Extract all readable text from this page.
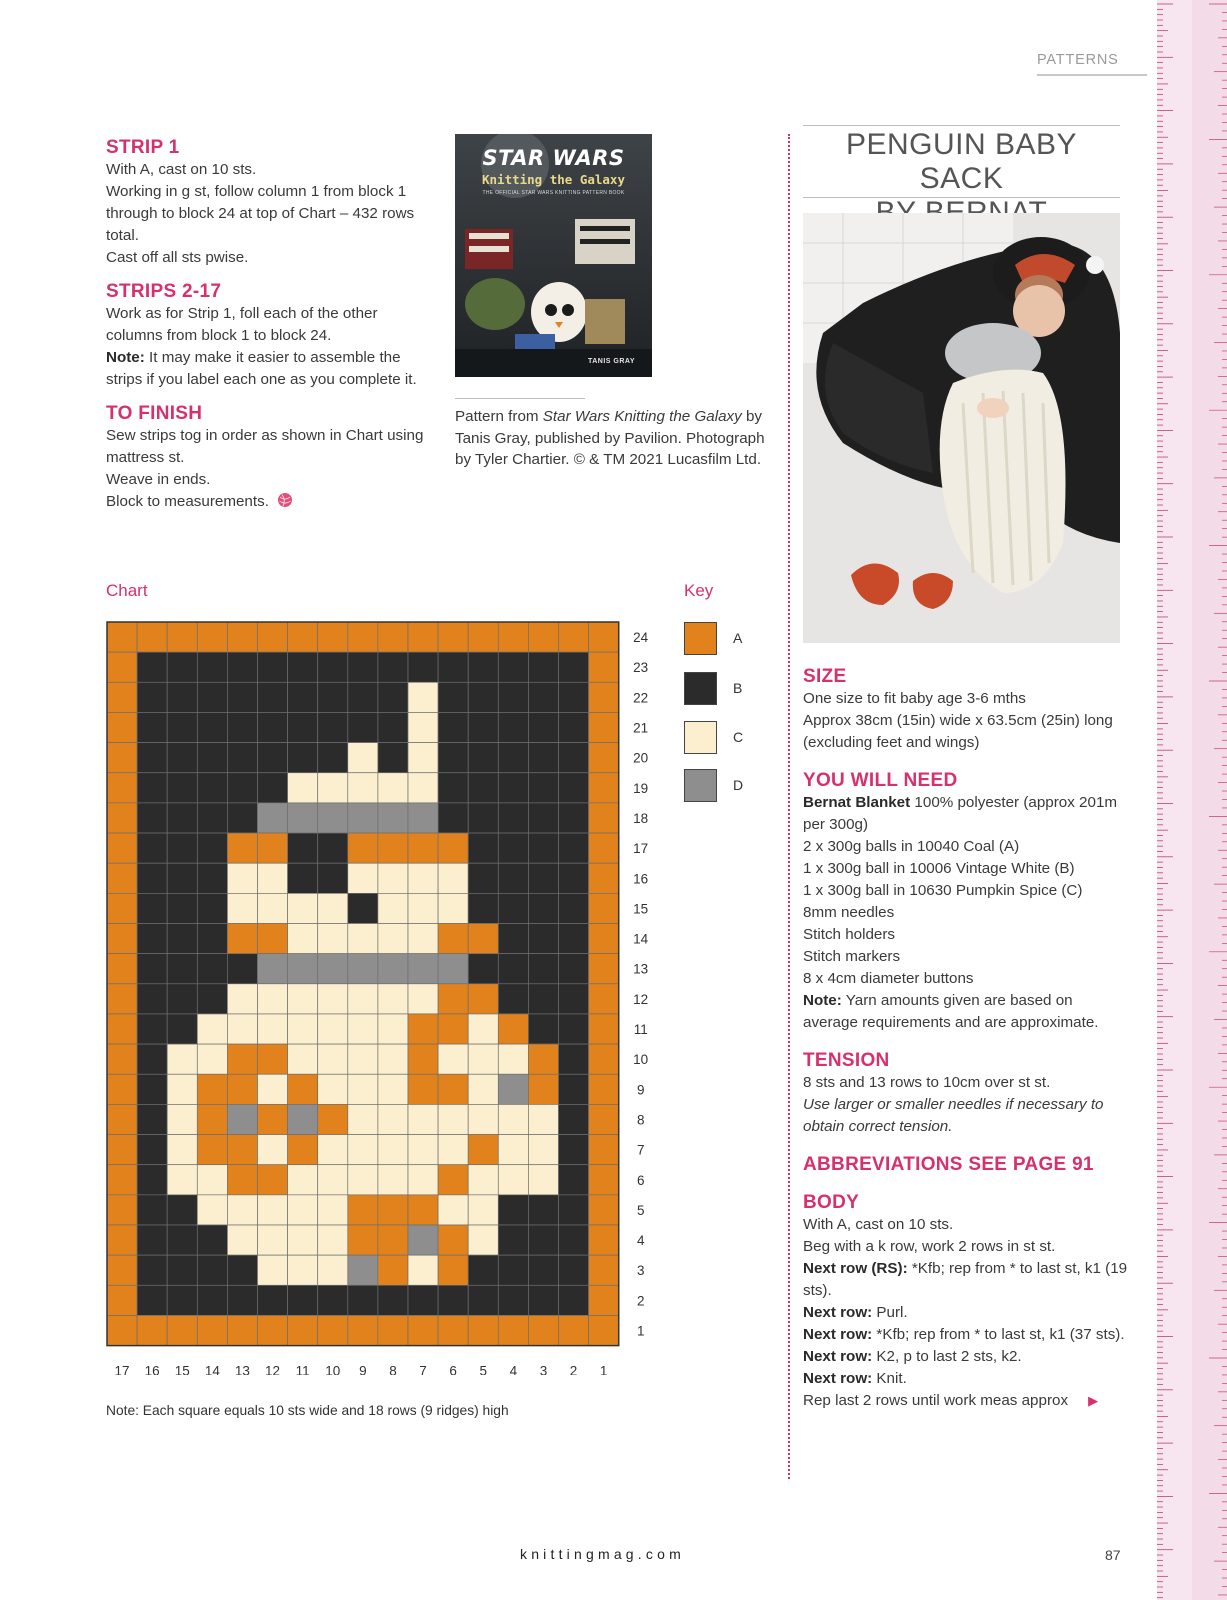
PATTERNS
STRIP 1

With A, cast on 10 sts.

Working in g st, follow column 1 from block 1 through to block 24 at top of Chart – 432 rows total.

Cast off all sts pwise.

STRIPS 2-17

Work as for Strip 1, foll each of the other columns from block 1 to block 24.

Note: It may make it easier to assemble the strips if you label each one as you complete it.

TO FINISH

Sew strips tog in order as shown in Chart using mattress st.

Weave in ends.

Block to measurements.

STAR WARS
Knitting the Galaxy
THE OFFICIAL STAR WARS KNITTING PATTERN BOOK
TANIS GRAY
Pattern from Star Wars Knitting the Galaxy by Tanis Gray, published by Pavilion. Photograph by Tyler Chartier. © & TM 2021 Lucasfilm Ltd.
PENGUIN BABY SACK
SIZE

One size to fit baby age 3-6 mths

Approx 38cm (15in) wide x 63.5cm (25in) long (excluding feet and wings)

YOU WILL NEED

Bernat Blanket 100% polyester (approx 201m per 300g)

2 x 300g balls in 10040 Coal (A)

1 x 300g ball in 10006 Vintage White (B)

1 x 300g ball in 10630 Pumpkin Spice (C)

8mm needles

Stitch holders

Stitch markers

8 x 4cm diameter buttons

Note: Yarn amounts given are based on average requirements and are approximate.

TENSION

8 sts and 13 rows to 10cm over st st.

Use larger or smaller needles if necessary to obtain correct tension.

ABBREVIATIONS SEE PAGE 91
BODY

With A, cast on 10 sts.

Beg with a k row, work 2 rows in st st.

Next row (RS): *Kfb; rep from * to last st, k1 (19 sts).

Next row: Purl.

Next row: *Kfb; rep from * to last st, k1 (37 sts).

Next row: K2, p to last 2 sts, k2.

Next row: Knit.

Rep last 2 rows until work meas approx ▶

Chart	Key
24
23
22
21
20
19
18
17
16
15
14
13
12
11
10
9
8
7
6
5
4
3
2
1
17 16 15 14 13 12 11 10 9 8 7 6 5 4 3 2 1
A
B
C
D
Note: Each square equals 10 sts wide and 18 rows (9 ridges) high
knittingmag.com	87
